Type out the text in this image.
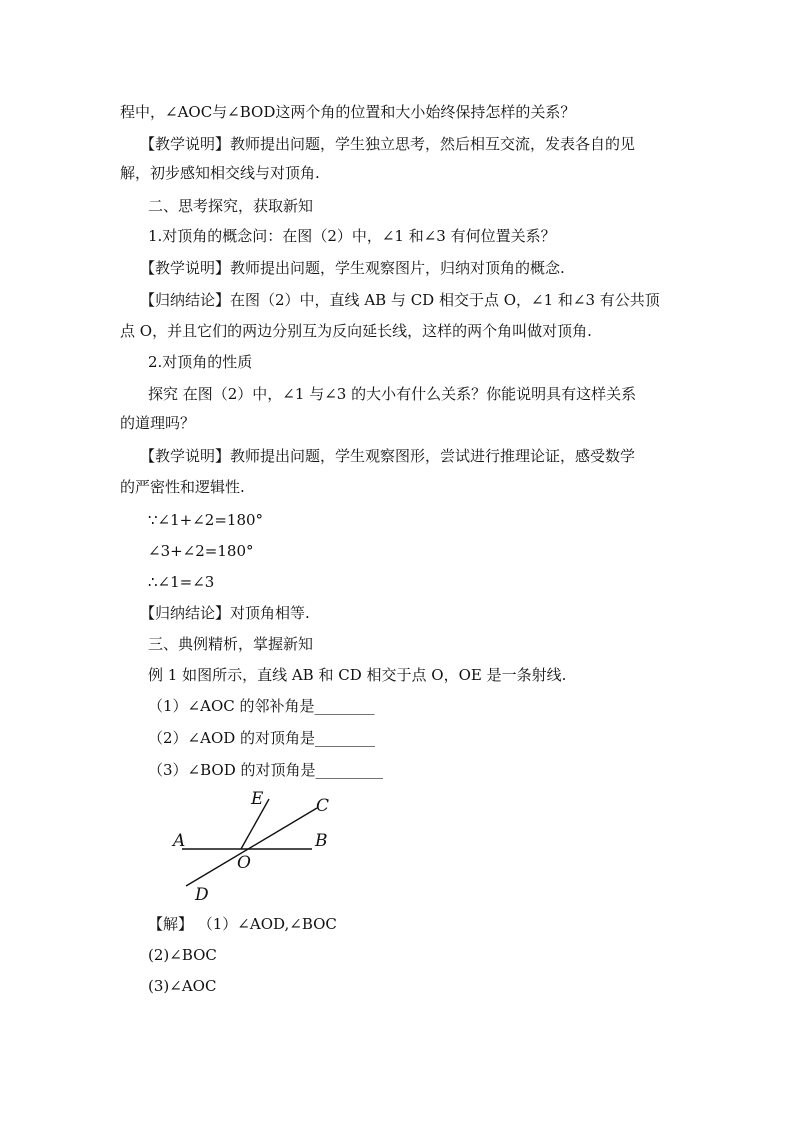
程中，∠AOC与∠BOD这两个角的位置和大小始终保持怎样的关系？
【教学说明】教师提出问题，学生独立思考，然后相互交流，发表各自的见
解，初步感知相交线与对顶角.
二、思考探究，获取新知
1.对顶角的概念问：在图（2）中，∠1 和∠3 有何位置关系？
【教学说明】教师提出问题，学生观察图片，归纳对顶角的概念.
【归纳结论】在图（2）中，直线 AB 与 CD 相交于点 O，∠1 和∠3 有公共顶
点 O，并且它们的两边分别互为反向延长线，这样的两个角叫做对顶角.
2.对顶角的性质
探究 在图（2）中，∠1 与∠3 的大小有什么关系？你能说明具有这样关系
的道理吗？
【教学说明】教师提出问题，学生观察图形，尝试进行推理论证，感受数学
的严密性和逻辑性.
∵∠1+∠2=180°
∠3+∠2=180°
∴∠1=∠3
【归纳结论】对顶角相等.
三、典例精析，掌握新知
例 1 如图所示，直线 AB 和 CD 相交于点 O，OE 是一条射线.
（1）∠AOC 的邻补角是________
（2）∠AOD 的对顶角是________
（3）∠BOD 的对顶角是_________
E	C
A	B
O
D
【解】 （1）∠AOD,∠BOC
(2)∠BOC
(3)∠AOC
